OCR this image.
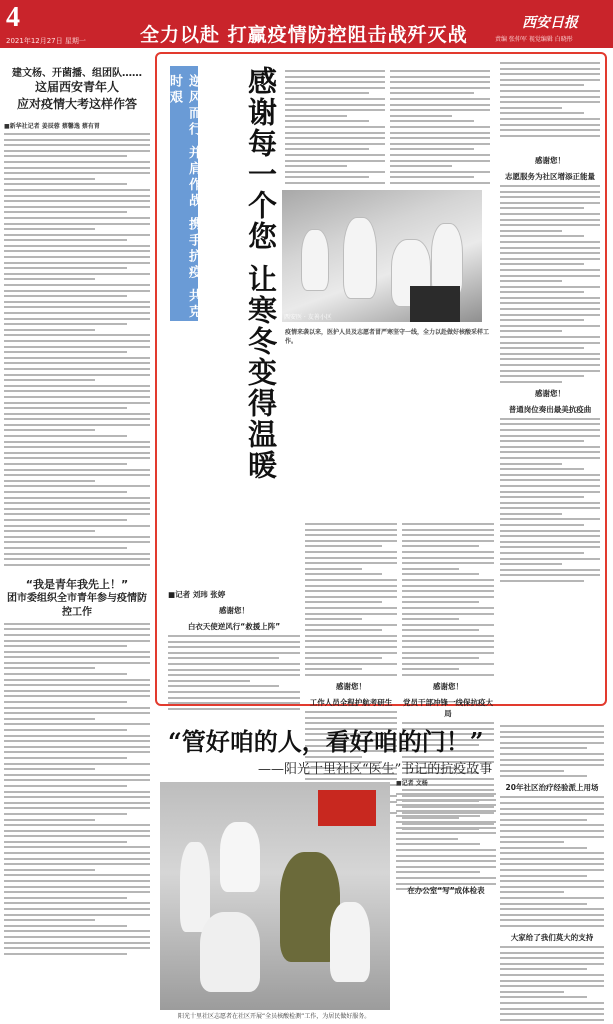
4
2021年12月27日 星期一	全力以赴 打赢疫情防控阻击战歼灭战
西安日报
责编 张仲军 视觉编辑 白晓彤
建文杨、开菌播、组团队……
这届西安青年人
应对疫情大考这样作答
■新华社记者 姜辰蓉 蔡馨逸 蔡有胃
“我是青年我先上！”
团市委组织全市青年参与疫情防控工作
逆风而行 并肩作战 携手抗疫 共克时艰	感谢每一个您 让寒冬变得温暖	西安医 · 友善小区
疫情来袭以来，医护人员及志愿者冒严寒坚守一线，全力以赴做好核酸采样工作。
■记者 刘玮 张婷
感谢您！
白衣天使逆风行“救援上阵”
感谢您！
工作人员全程护航考研生
感谢您！
党员干部冲锋一线保抗疫大局
感谢您！
志愿服务为社区增添正能量
感谢您！
普通岗位奏出最美抗疫曲
“管好咱的人，看好咱的门！”
——阳光十里社区“医生”书记的抗疫故事
阳光十里社区志愿者在社区开展“全员核酸检测”工作，为居民做好服务。
20年社区治疗经验派上用场
大家给了我们莫大的支持
■记者 文杨
在办公室“写”成体检表
